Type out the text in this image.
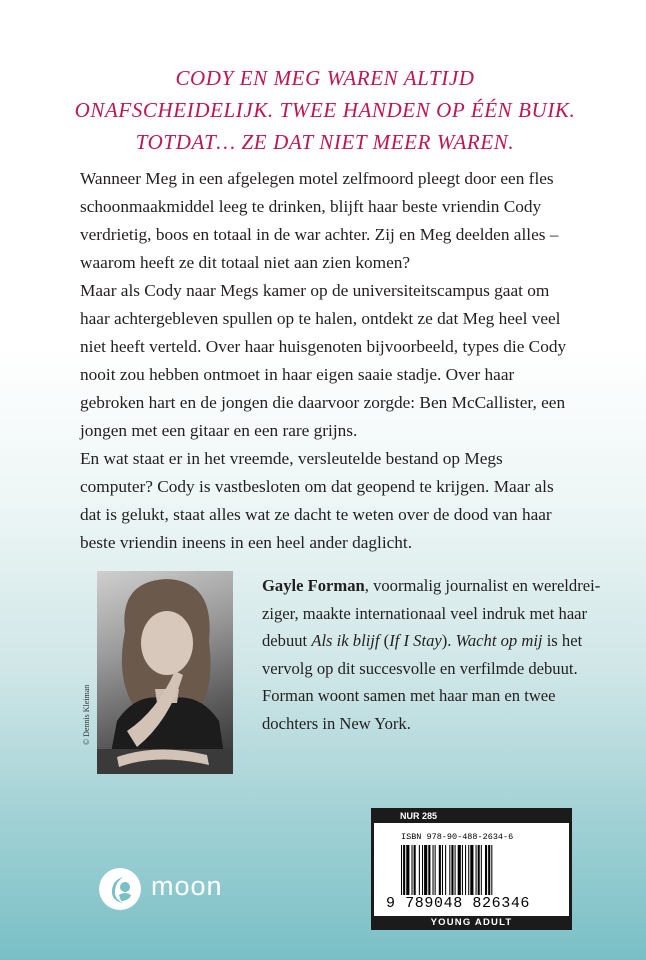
CODY EN MEG WAREN ALTIJD
ONAFSCHEIDELIJK. TWEE HANDEN OP ÉÉN BUIK.
TOTDAT… ZE DAT NIET MEER WAREN.

Wanneer Meg in een afgelegen motel zelfmoord pleegt door een fles schoonmaakmiddel leeg te drinken, blijft haar beste vriendin Cody verdrietig, boos en totaal in de war achter. Zij en Meg deelden alles – waarom heeft ze dit totaal niet aan zien komen?

Maar als Cody naar Megs kamer op de universiteitscampus gaat om haar achtergebleven spullen op te halen, ontdekt ze dat Meg heel veel niet heeft verteld. Over haar huisgenoten bijvoorbeeld, types die Cody nooit zou hebben ontmoet in haar eigen saaie stadje. Over haar gebroken hart en de jongen die daarvoor zorgde: Ben McCallister, een jongen met een gitaar en een rare grijns.

En wat staat er in het vreemde, versleutelde bestand op Megs computer? Cody is vastbesloten om dat geopend te krijgen. Maar als dat is gelukt, staat alles wat ze dacht te weten over de dood van haar beste vriendin ineens in een heel ander daglicht.

© Dennis Kleiman
Gayle Forman, voormalig journalist en wereldrei-
ziger, maakte internationaal veel indruk met haar
debuut Als ik blijf (If I Stay). Wacht op mij is het
vervolg op dit succesvolle en verfilmde debuut.
Forman woont samen met haar man en twee
dochters in New York.
moon
NUR 285
ISBN 978-90-488-2634-6
9 789048 826346
YOUNG ADULT
